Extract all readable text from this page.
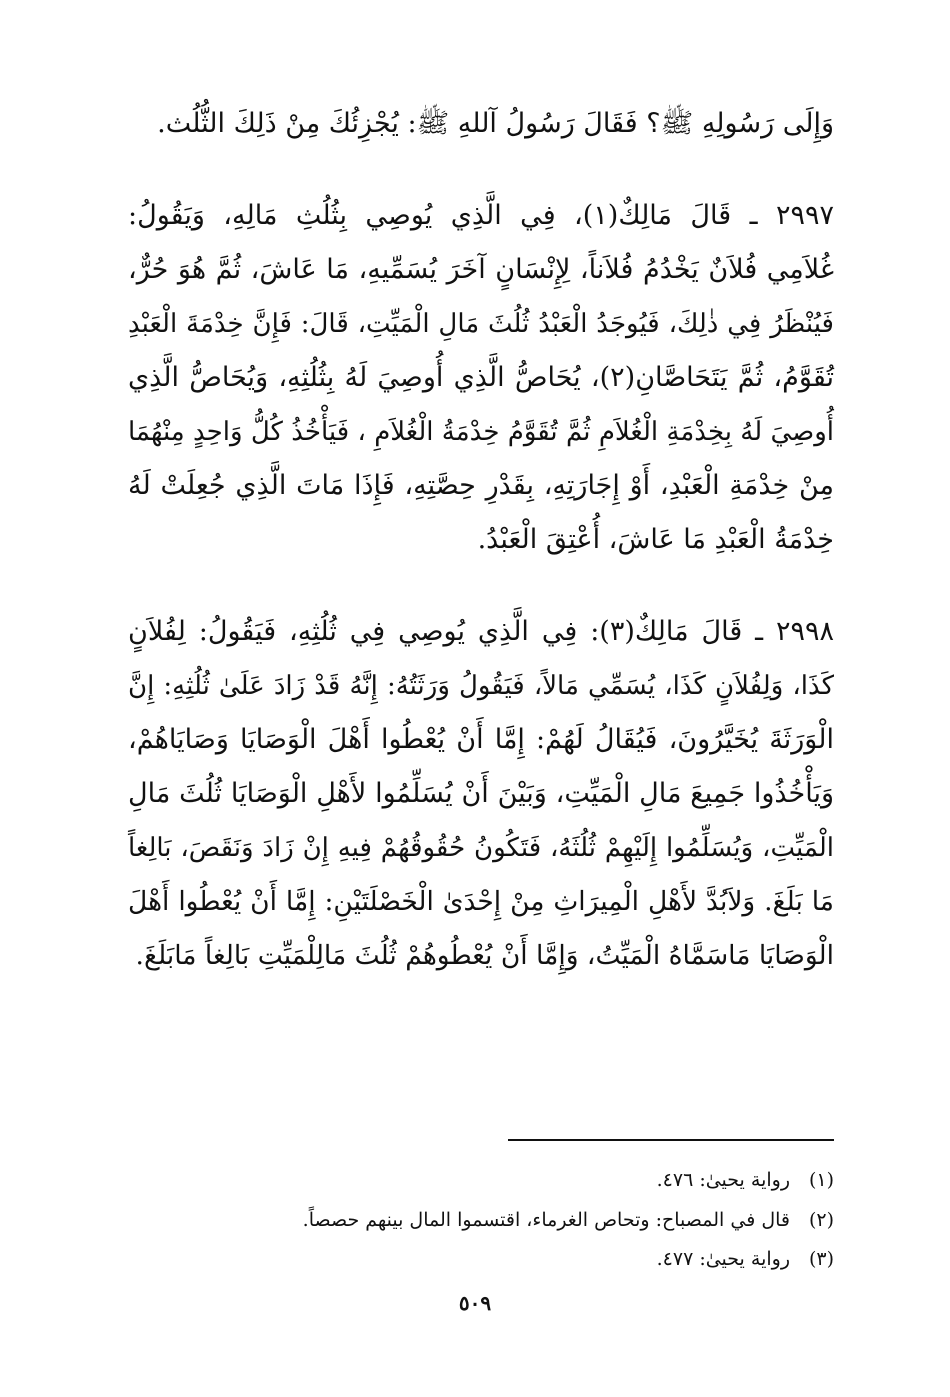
وَإِلَى رَسُولِهِ ﷺ؟ فَقَالَ رَسُولُ آللهِ ﷺ: يُجْزِئُكَ مِنْ ذَلِكَ الثُّلُث.
٢٩٩٧ ـ قَالَ مَالِكٌ(١)، فِي الَّذِي يُوصِي بِثُلُثِ مَالِهِ، وَيَقُولُ:
غُلاَمِي فُلاَنٌ يَخْدُمُ فُلاَناً، لِإِنْسَانٍ آخَرَ يُسَمِّيهِ، مَا عَاشَ، ثُمَّ هُوَ حُرٌّ،
فَيُنْظَرُ فِي ذٰلِكَ، فَيُوجَدُ الْعَبْدُ ثُلُثَ مَالِ الْمَيِّتِ، قَالَ: فَإِنَّ خِدْمَةَ الْعَبْدِ
تُقَوَّمُ، ثُمَّ يَتَحَاصَّانِ(٢)، يُحَاصُّ الَّذِي أُوصِيَ لَهُ بِثُلُثِهِ، وَيُحَاصُّ الَّذِي
أُوصِيَ لَهُ بِخِدْمَةِ الْغُلاَمِ ثُمَّ تُقَوَّمُ خِدْمَةُ الْغُلاَمِ ، فَيَأْخُذُ كُلُّ وَاحِدٍ مِنْهُمَا
مِنْ خِدْمَةِ الْعَبْدِ، أَوْ إِجَارَتِهِ، بِقَدْرِ حِصَّتِهِ، فَإِذَا مَاتَ الَّذِي جُعِلَتْ لَهُ
خِدْمَةُ الْعَبْدِ مَا عَاشَ، أُعْتِقَ الْعَبْدُ.
٢٩٩٨ ـ قَالَ مَالِكٌ(٣): فِي الَّذِي يُوصِي فِي ثُلُثِهِ، فَيَقُولُ: لِفُلاَنٍ
كَذَا، وَلِفُلاَنٍ كَذَا، يُسَمِّي مَالاً، فَيَقُولُ وَرَثَتُهُ: إِنَّهُ قَدْ زَادَ عَلَىٰ ثُلُثِهِ: إِنَّ
الْوَرَثَةَ يُخَيَّرُونَ، فَيُقَالُ لَهُمْ: إِمَّا أَنْ يُعْطُوا أَهْلَ الْوَصَايَا وَصَايَاهُمْ،
وَيَأْخُذُوا جَمِيعَ مَالِ الْمَيِّتِ، وَبَيْنَ أَنْ يُسَلِّمُوا لأَهْلِ الْوَصَايَا ثُلُثَ مَالِ
الْمَيِّتِ، وَيُسَلِّمُوا إِلَيْهِمْ ثُلُثَهُ، فَتَكُونُ حُقُوقُهُمْ فِيهِ إِنْ زَادَ وَنَقَصَ، بَالِغاً
مَا بَلَغَ. وَلاَبُدَّ لأَهْلِ الْمِيرَاثِ مِنْ إِحْدَىٰ الْخَصْلَتَيْنِ: إِمَّا أَنْ يُعْطُوا أَهْلَ
الْوَصَايَا مَاسَمَّاهُ الْمَيِّتُ، وَإِمَّا أَنْ يُعْطُوهُمْ ثُلُثَ مَالِلْمَيِّتِ بَالِغاً مَابَلَغَ.
(١)رواية يحيىٰ: ٤٧٦.
(٢)قال في المصباح: وتحاص الغرماء، اقتسموا المال بينهم حصصاً.
(٣)رواية يحيىٰ: ٤٧٧.
٥٠٩
